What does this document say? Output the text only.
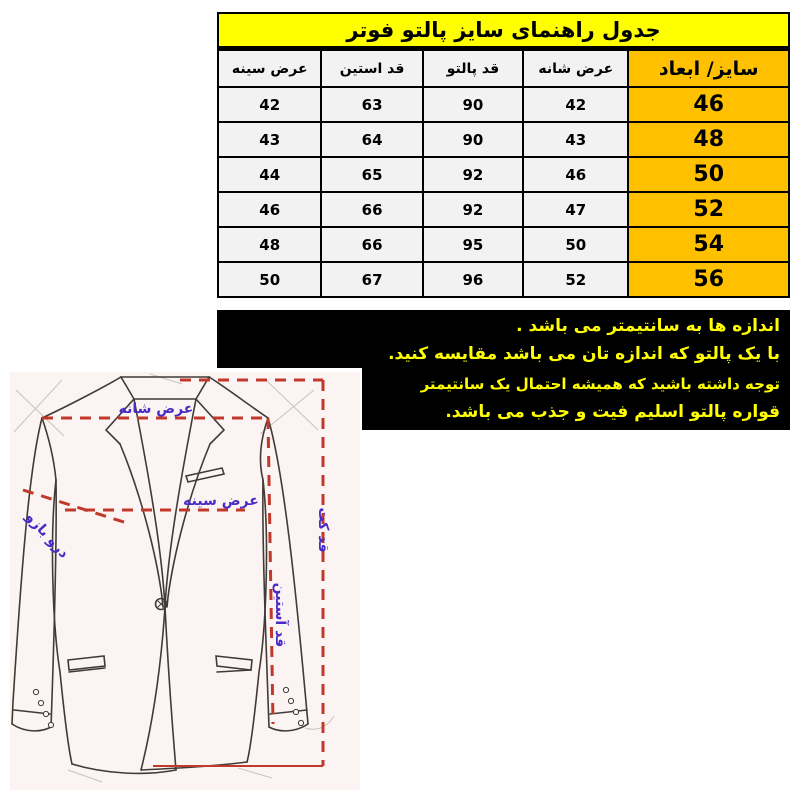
جدول راهنمای سایز پالتو فوتر
سایز/ ابعاد	عرض شانه	قد پالتو	قد استین	عرض سینه
46	42	90	63	42
48	43	90	64	43
50	46	92	65	44
52	47	92	66	46
54	50	95	66	48
56	52	96	67	50
اندازه ها به سانتیمتر می باشد .
با یک پالتو که اندازه تان می باشد مقایسه کنید.
توجه داشته باشید که همیشه احتمال یک سانتیمتر
قواره پالتو اسلیم فیت و جذب می باشد.
عرض شانه
عرض سینه
درو بازو
قد آستین
قد کت
